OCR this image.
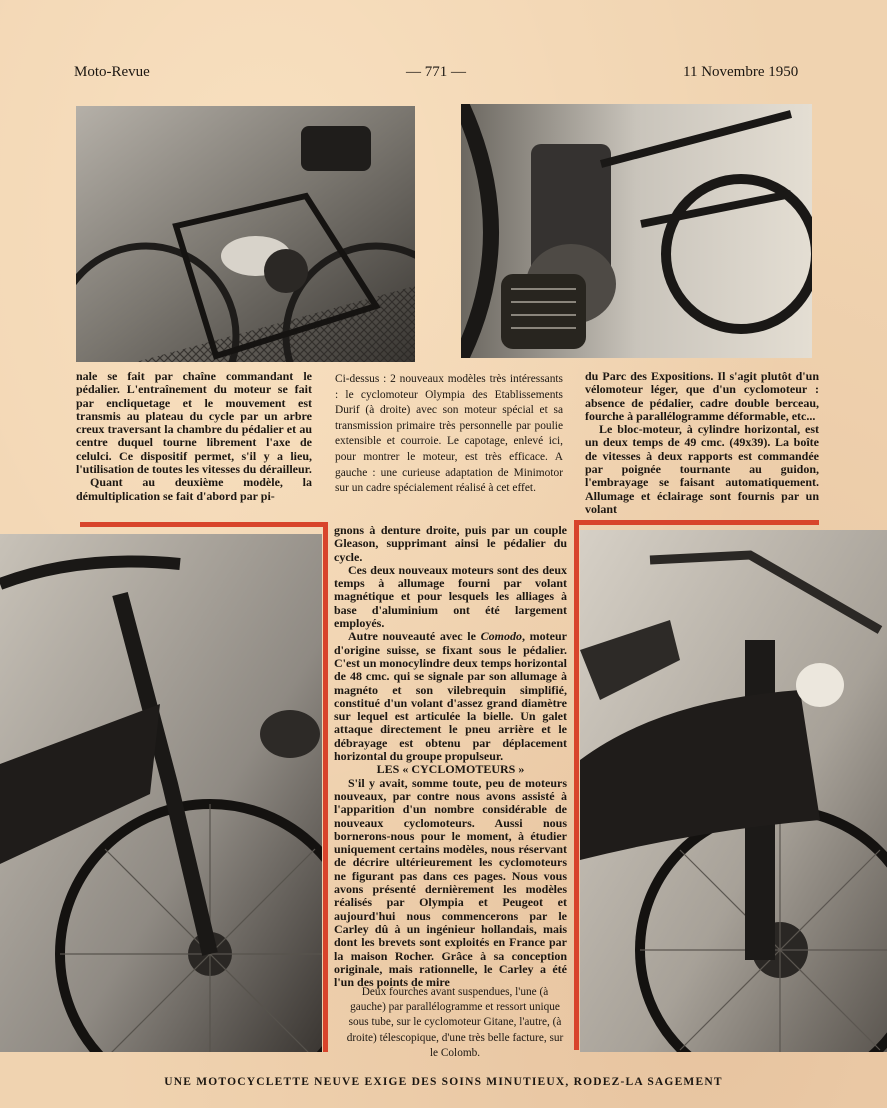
Moto-Revue	— 771 —	11 Novembre 1950

nale se fait par chaîne commandant le pédalier. L'entraînement du moteur se fait par encliquetage et le mouvement est transmis au plateau du cycle par un arbre creux traversant la chambre du pédalier et au centre duquel tourne librement l'axe de celulci. Ce dispositif permet, s'il y a lieu, l'utilisation de toutes les vitesses du dérailleur.

Quant au deuxième modèle, la démultiplication se fait d'abord par pi-

Ci-dessus : 2 nouveaux modèles très intéressants : le cyclomoteur Olympia des Etablissements Durif (à droite) avec son moteur spécial et sa transmission primaire très personnelle par poulie extensible et courroie. Le capotage, enlevé ici, pour montrer le moteur, est très efficace. A gauche : une curieuse adaptation de Minimotor sur un cadre spécialement réalisé à cet effet.

du Parc des Expositions. Il s'agit plutôt d'un vélomoteur léger, que d'un cyclomoteur : absence de pédalier, cadre double berceau, fourche à parallélogramme déformable, etc...

Le bloc-moteur, à cylindre horizontal, est un deux temps de 49 cmc. (49x39). La boîte de vitesses à deux rapports est commandée par poignée tournante au guidon, l'embrayage se faisant automatiquement. Allumage et éclairage sont fournis par un volant

gnons à denture droite, puis par un couple Gleason, supprimant ainsi le pédalier du cycle.

Ces deux nouveaux moteurs sont des deux temps à allumage fourni par volant magnétique et pour lesquels les alliages à base d'aluminium ont été largement employés.

Autre nouveauté avec le Comodo, moteur d'origine suisse, se fixant sous le pédalier. C'est un monocylindre deux temps horizontal de 48 cmc. qui se signale par son allumage à magnéto et son vilebrequin simplifié, constitué d'un volant d'assez grand diamètre sur lequel est articulée la bielle. Un galet attaque directement le pneu arrière et le débrayage est obtenu par déplacement horizontal du groupe propulseur.

LES « CYCLOMOTEURS »

S'il y avait, somme toute, peu de moteurs nouveaux, par contre nous avons assisté à l'apparition d'un nombre considérable de nouveaux cyclomoteurs. Aussi nous bornerons-nous pour le moment, à étudier uniquement certains modèles, nous réservant de décrire ultérieurement les cyclomoteurs ne figurant pas dans ces pages. Nous vous avons présenté dernièrement les modèles réalisés par Olympia et Peugeot et aujourd'hui nous commencerons par le Carley dû à un ingénieur hollandais, mais dont les brevets sont exploités en France par la maison Rocher. Grâce à sa conception originale, mais rationnelle, le Carley a été l'un des points de mire

Deux fourches avant suspendues, l'une (à gauche) par parallélogramme et ressort unique sous tube, sur le cyclomoteur Gitane, l'autre, (à droite) télescopique, d'une très belle facture, sur le Colomb.
UNE MOTOCYCLETTE NEUVE EXIGE DES SOINS MINUTIEUX, RODEZ-LA SAGEMENT
